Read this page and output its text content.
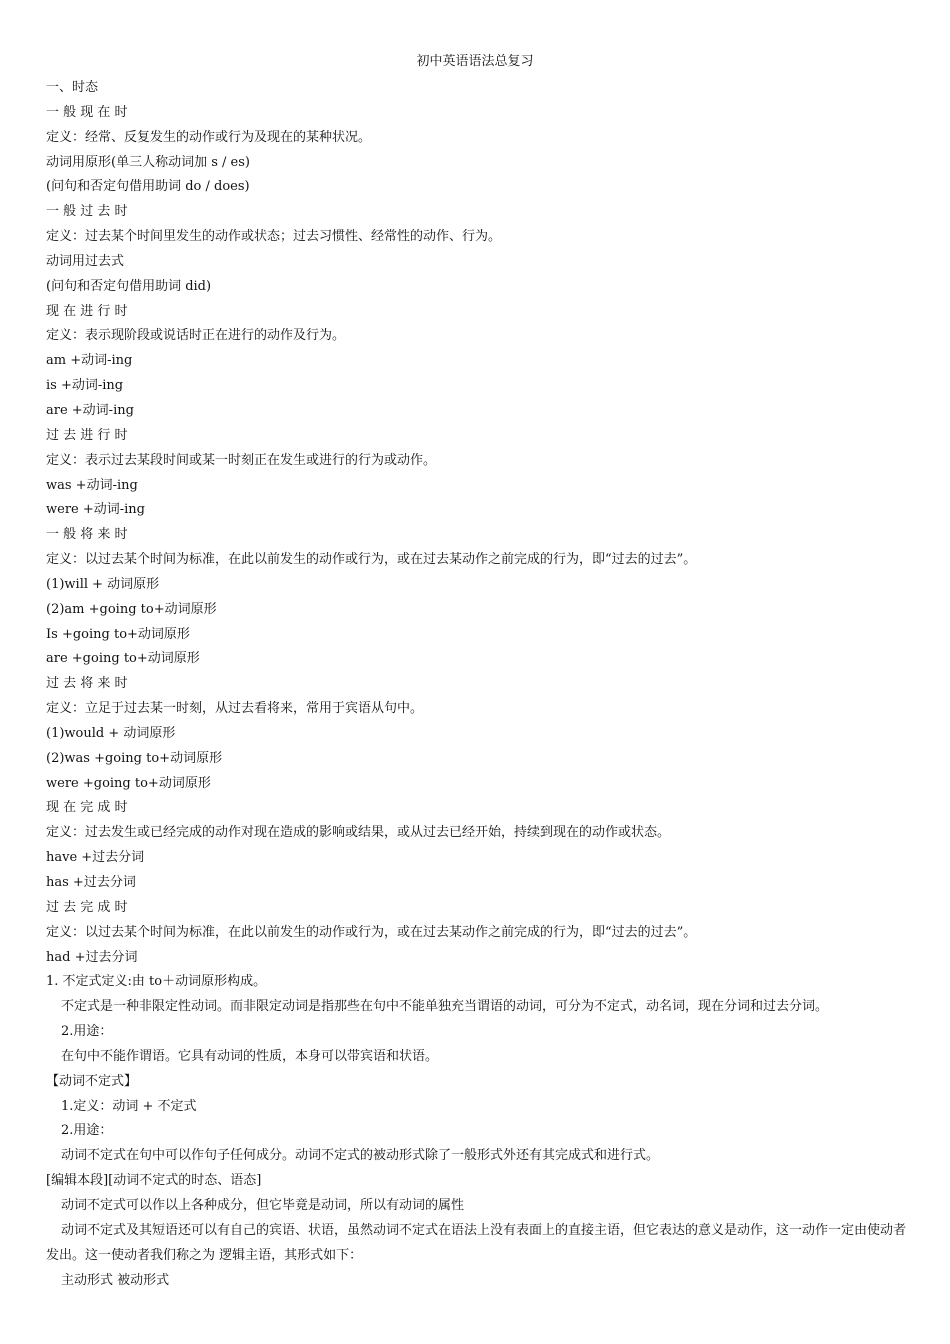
初中英语语法总复习
一、时态
一 般 现 在 时
定义：经常、反复发生的动作或行为及现在的某种状况。
动词用原形(单三人称动词加 s / es)
(问句和否定句借用助词 do / does)
一 般 过 去 时
定义：过去某个时间里发生的动作或状态；过去习惯性、经常性的动作、行为。
动词用过去式
(问句和否定句借用助词 did)
现 在 进 行 时
定义：表示现阶段或说话时正在进行的动作及行为。
am +动词-ing
is +动词-ing
are +动词-ing
过 去 进 行 时
定义：表示过去某段时间或某一时刻正在发生或进行的行为或动作。
was +动词-ing
were +动词-ing
一 般 将 来 时
定义：以过去某个时间为标准，在此以前发生的动作或行为，或在过去某动作之前完成的行为，即“过去的过去”。
(1)will + 动词原形
(2)am +going to+动词原形
Is +going to+动词原形
are +going to+动词原形
过 去 将 来 时
定义：立足于过去某一时刻，从过去看将来，常用于宾语从句中。
(1)would + 动词原形
(2)was +going to+动词原形
were +going to+动词原形
现 在 完 成 时
定义：过去发生或已经完成的动作对现在造成的影响或结果，或从过去已经开始，持续到现在的动作或状态。
have +过去分词
has +过去分词
过 去 完 成 时
定义：以过去某个时间为标准，在此以前发生的动作或行为，或在过去某动作之前完成的行为，即“过去的过去”。
had +过去分词
1. 不定式定义:由 to＋动词原形构成。
不定式是一种非限定性动词。而非限定动词是指那些在句中不能单独充当谓语的动词，可分为不定式，动名词，现在分词和过去分词。
2.用途：
在句中不能作谓语。它具有动词的性质，本身可以带宾语和状语。
【动词不定式】
1.定义：动词 + 不定式
2.用途：
动词不定式在句中可以作句子任何成分。动词不定式的被动形式除了一般形式外还有其完成式和进行式。
[编辑本段][动词不定式的时态、语态]
动词不定式可以作以上各种成分，但它毕竟是动词，所以有动词的属性
动词不定式及其短语还可以有自己的宾语、状语，虽然动词不定式在语法上没有表面上的直接主语，但它表达的意义是动作，这一动作一定由使动者发出。这一使动者我们称之为 逻辑主语，其形式如下：
主动形式 被动形式
